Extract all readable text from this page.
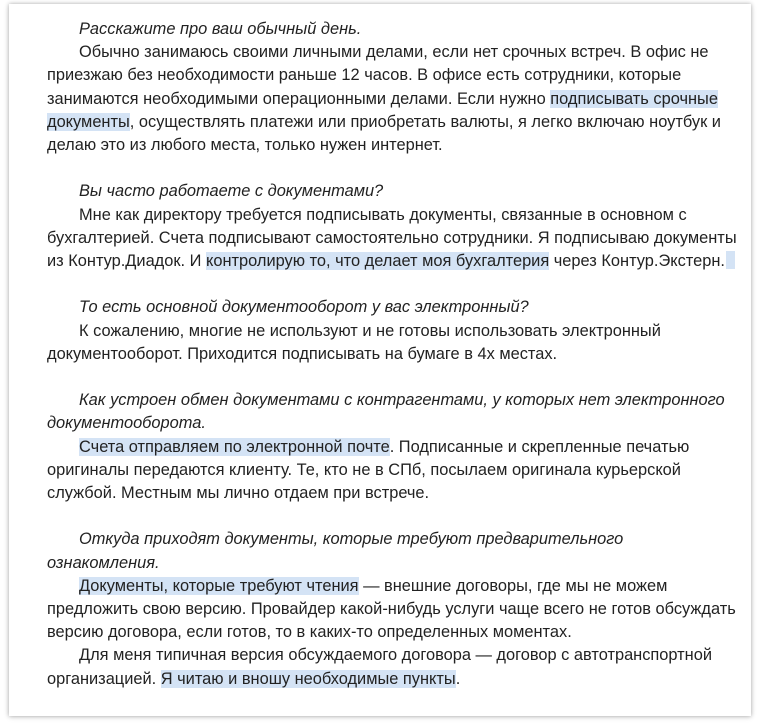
Расскажите про ваш обычный день.

Обычно занимаюсь своими личными делами, если нет срочных встреч. В офис не приезжаю без необходимости раньше 12 часов. В офисе есть сотрудники, которые занимаются необходимыми операционными делами. Если нужно подписывать срочные документы, осуществлять платежи или приобретать валюты, я легко включаю ноутбук и делаю это из любого места, только нужен интернет.

Вы часто работаете с документами?

Мне как директору требуется подписывать документы, связанные в основном с бухгалтерией. Счета подписывают самостоятельно сотрудники. Я подписываю документы из Контур.Диадок. И контролирую то, что делает моя бухгалтерия через Контур.Экстерн.

То есть основной документооборот у вас электронный?

К сожалению, многие не используют и не готовы использовать электронный документооборот. Приходится подписывать на бумаге в 4х местах.

Как устроен обмен документами с контрагентами, у которых нет электронного документооборота.

Счета отправляем по электронной почте. Подписанные и скрепленные печатью оригиналы передаются клиенту. Те, кто не в СПб, посылаем оригинала курьерской службой. Местным мы лично отдаем при встрече.

Откуда приходят документы, которые требуют предварительного ознакомления.

Документы, которые требуют чтения — внешние договоры, где мы не можем предложить свою версию. Провайдер какой-нибудь услуги чаще всего не готов обсуждать версию договора, если готов, то в каких-то определенных моментах.

Для меня типичная версия обсуждаемого договора — договор с автотранспортной организацией. Я читаю и вношу необходимые пункты.
